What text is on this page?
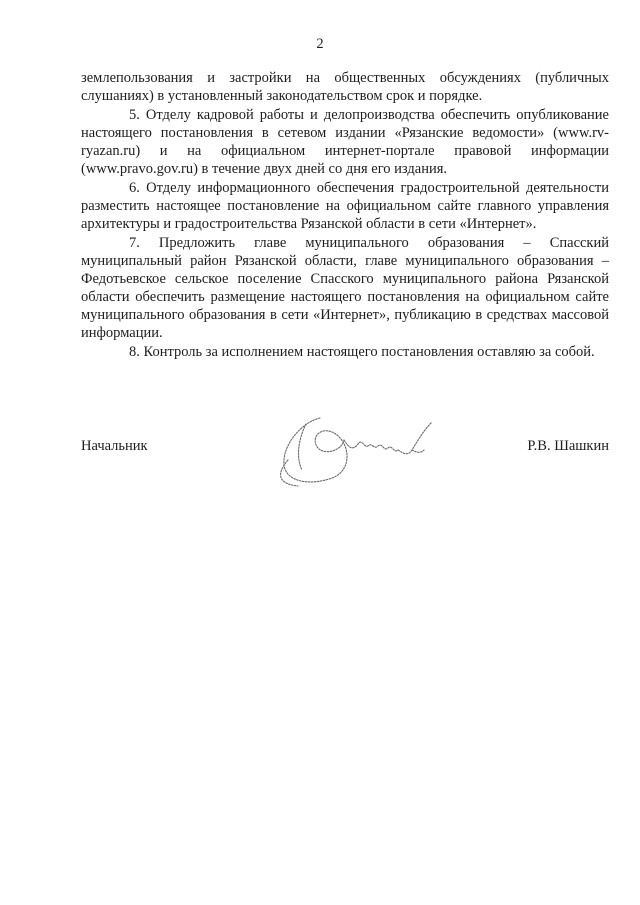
2

землепользования и застройки на общественных обсуждениях (публичных слушаниях) в установленный законодательством срок и порядке.

5. Отделу кадровой работы и делопроизводства обеспечить опубликование настоящего постановления в сетевом издании «Рязанские ведомости» (www.rv-ryazan.ru) и на официальном интернет-портале правовой информации (www.pravo.gov.ru) в течение двух дней со дня его издания.

6. Отделу информационного обеспечения градостроительной деятельности разместить настоящее постановление на официальном сайте главного управления архитектуры и градостроительства Рязанской области в сети «Интернет».

7. Предложить главе муниципального образования – Спасский муниципальный район Рязанской области, главе муниципального образования – Федотьевское сельское поселение Спасского муниципального района Рязанской области обеспечить размещение настоящего постановления на официальном сайте муниципального образования в сети «Интернет», публикацию в средствах массовой информации.

8. Контроль за исполнением настоящего постановления оставляю за собой.

Начальник	Р.В. Шашкин
